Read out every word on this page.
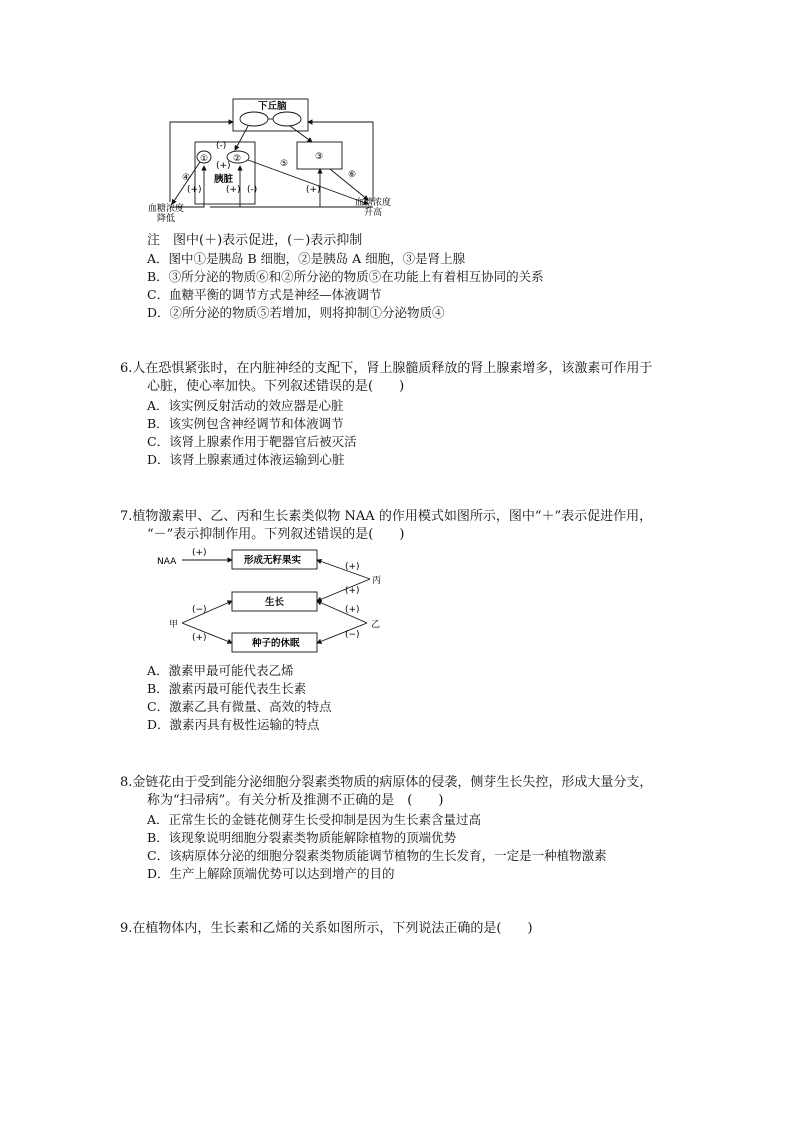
下丘脑
①	②
(-)
(+)
胰脏
③
④
⑤
⑥
(+)	(+) (-)	(+)
血糖浓度
降低
血糖浓度
升高
注　图中(＋)表示促进，(－)表示抑制
A．图中①是胰岛 B 细胞，②是胰岛 A 细胞，③是肾上腺
B．③所分泌的物质⑥和②所分泌的物质⑤在功能上有着相互协同的关系
C．血糖平衡的调节方式是神经—体液调节
D．②所分泌的物质⑤若增加，则将抑制①分泌物质④
6.人在恐惧紧张时，在内脏神经的支配下，肾上腺髓质释放的肾上腺素增多，该激素可作用于
心脏，使心率加快。下列叙述错误的是(　　)
A．该实例反射活动的效应器是心脏
B．该实例包含神经调节和体液调节
C．该肾上腺素作用于靶器官后被灭活
D．该肾上腺素通过体液运输到心脏
7.植物激素甲、乙、丙和生长素类似物 NAA 的作用模式如图所示，图中“＋”表示促进作用，
“－”表示抑制作用。下列叙述错误的是(　　)
NAA
(+)
形成无籽果实
生长
种子的休眠
丙
(+)
(+)
甲
(−)
(+)
乙
(+)
(−)
A．激素甲最可能代表乙烯
B．激素丙最可能代表生长素
C．激素乙具有微量、高效的特点
D．激素丙具有极性运输的特点
8.金链花由于受到能分泌细胞分裂素类物质的病原体的侵袭，侧芽生长失控，形成大量分支，
称为“扫帚病”。有关分析及推测不正确的是　(　　)
A．正常生长的金链花侧芽生长受抑制是因为生长素含量过高
B．该现象说明细胞分裂素类物质能解除植物的顶端优势
C．该病原体分泌的细胞分裂素类物质能调节植物的生长发育，一定是一种植物激素
D．生产上解除顶端优势可以达到增产的目的
9.在植物体内，生长素和乙烯的关系如图所示，下列说法正确的是(　　)
